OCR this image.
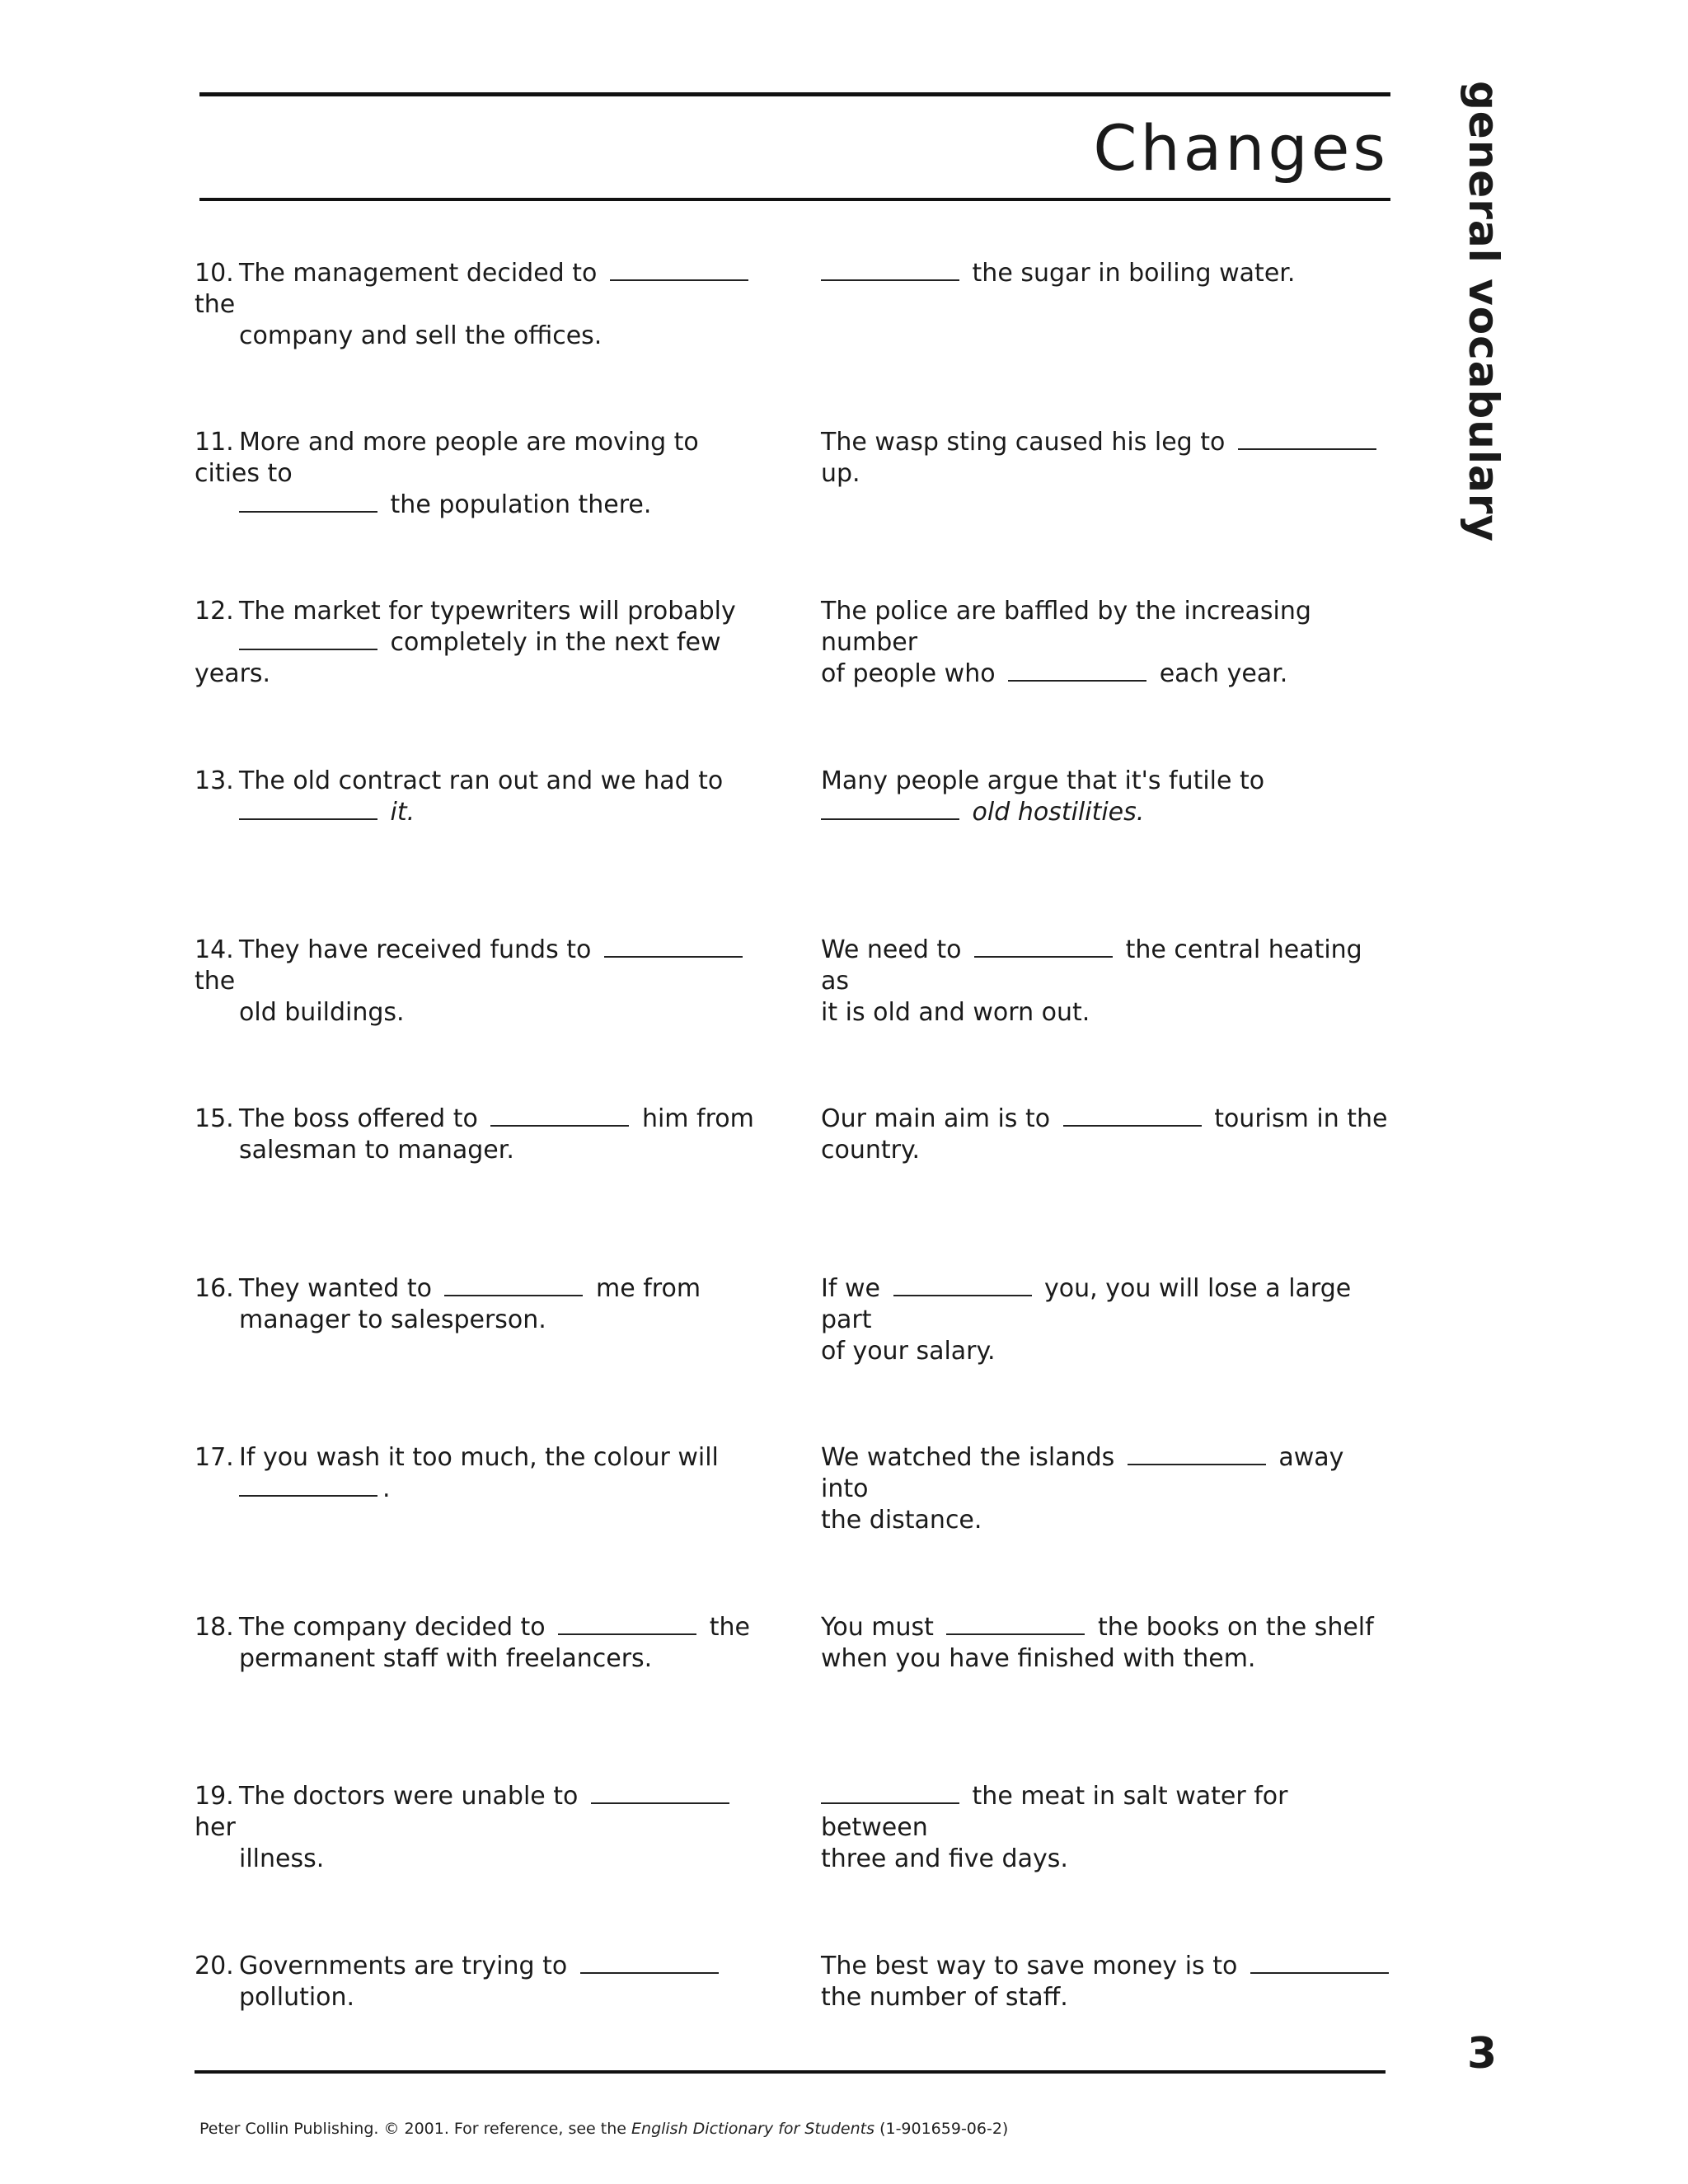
Changes general vocabulary
10. The management decided to  the
company and sell the offices.
the sugar in boiling water.
11. More and more people are moving to cities to
the population there.
The wasp sting caused his leg to  up.
12. The market for typewriters will probably
completely in the next few years.
The police are baffled by the increasing number
of people who	each year.
13. The old contract ran out and we had to
it.
Many people argue that it's futile to
old hostilities.
14. They have received funds to  the
old buildings.
We need to	the central heating as
it is old and worn out.
15. The boss offered to	him from
salesman to manager.
Our main aim is to	tourism in the
country.
16. They wanted to	me from
manager to salesperson.
If we	you, you will lose a large part
of your salary.
17. If you wash it too much, the colour will
.
We watched the islands	away into
the distance.
18. The company decided to	the
permanent staff with freelancers.
You must	the books on the shelf
when you have finished with them.
19. The doctors were unable to  her
illness.
the meat in salt water for between
three and five days.
20. Governments are trying to
pollution.
The best way to save money is to
the number of staff.
3
Peter Collin Publishing. © 2001. For reference, see the English Dictionary for Students (1-901659-06-2)
